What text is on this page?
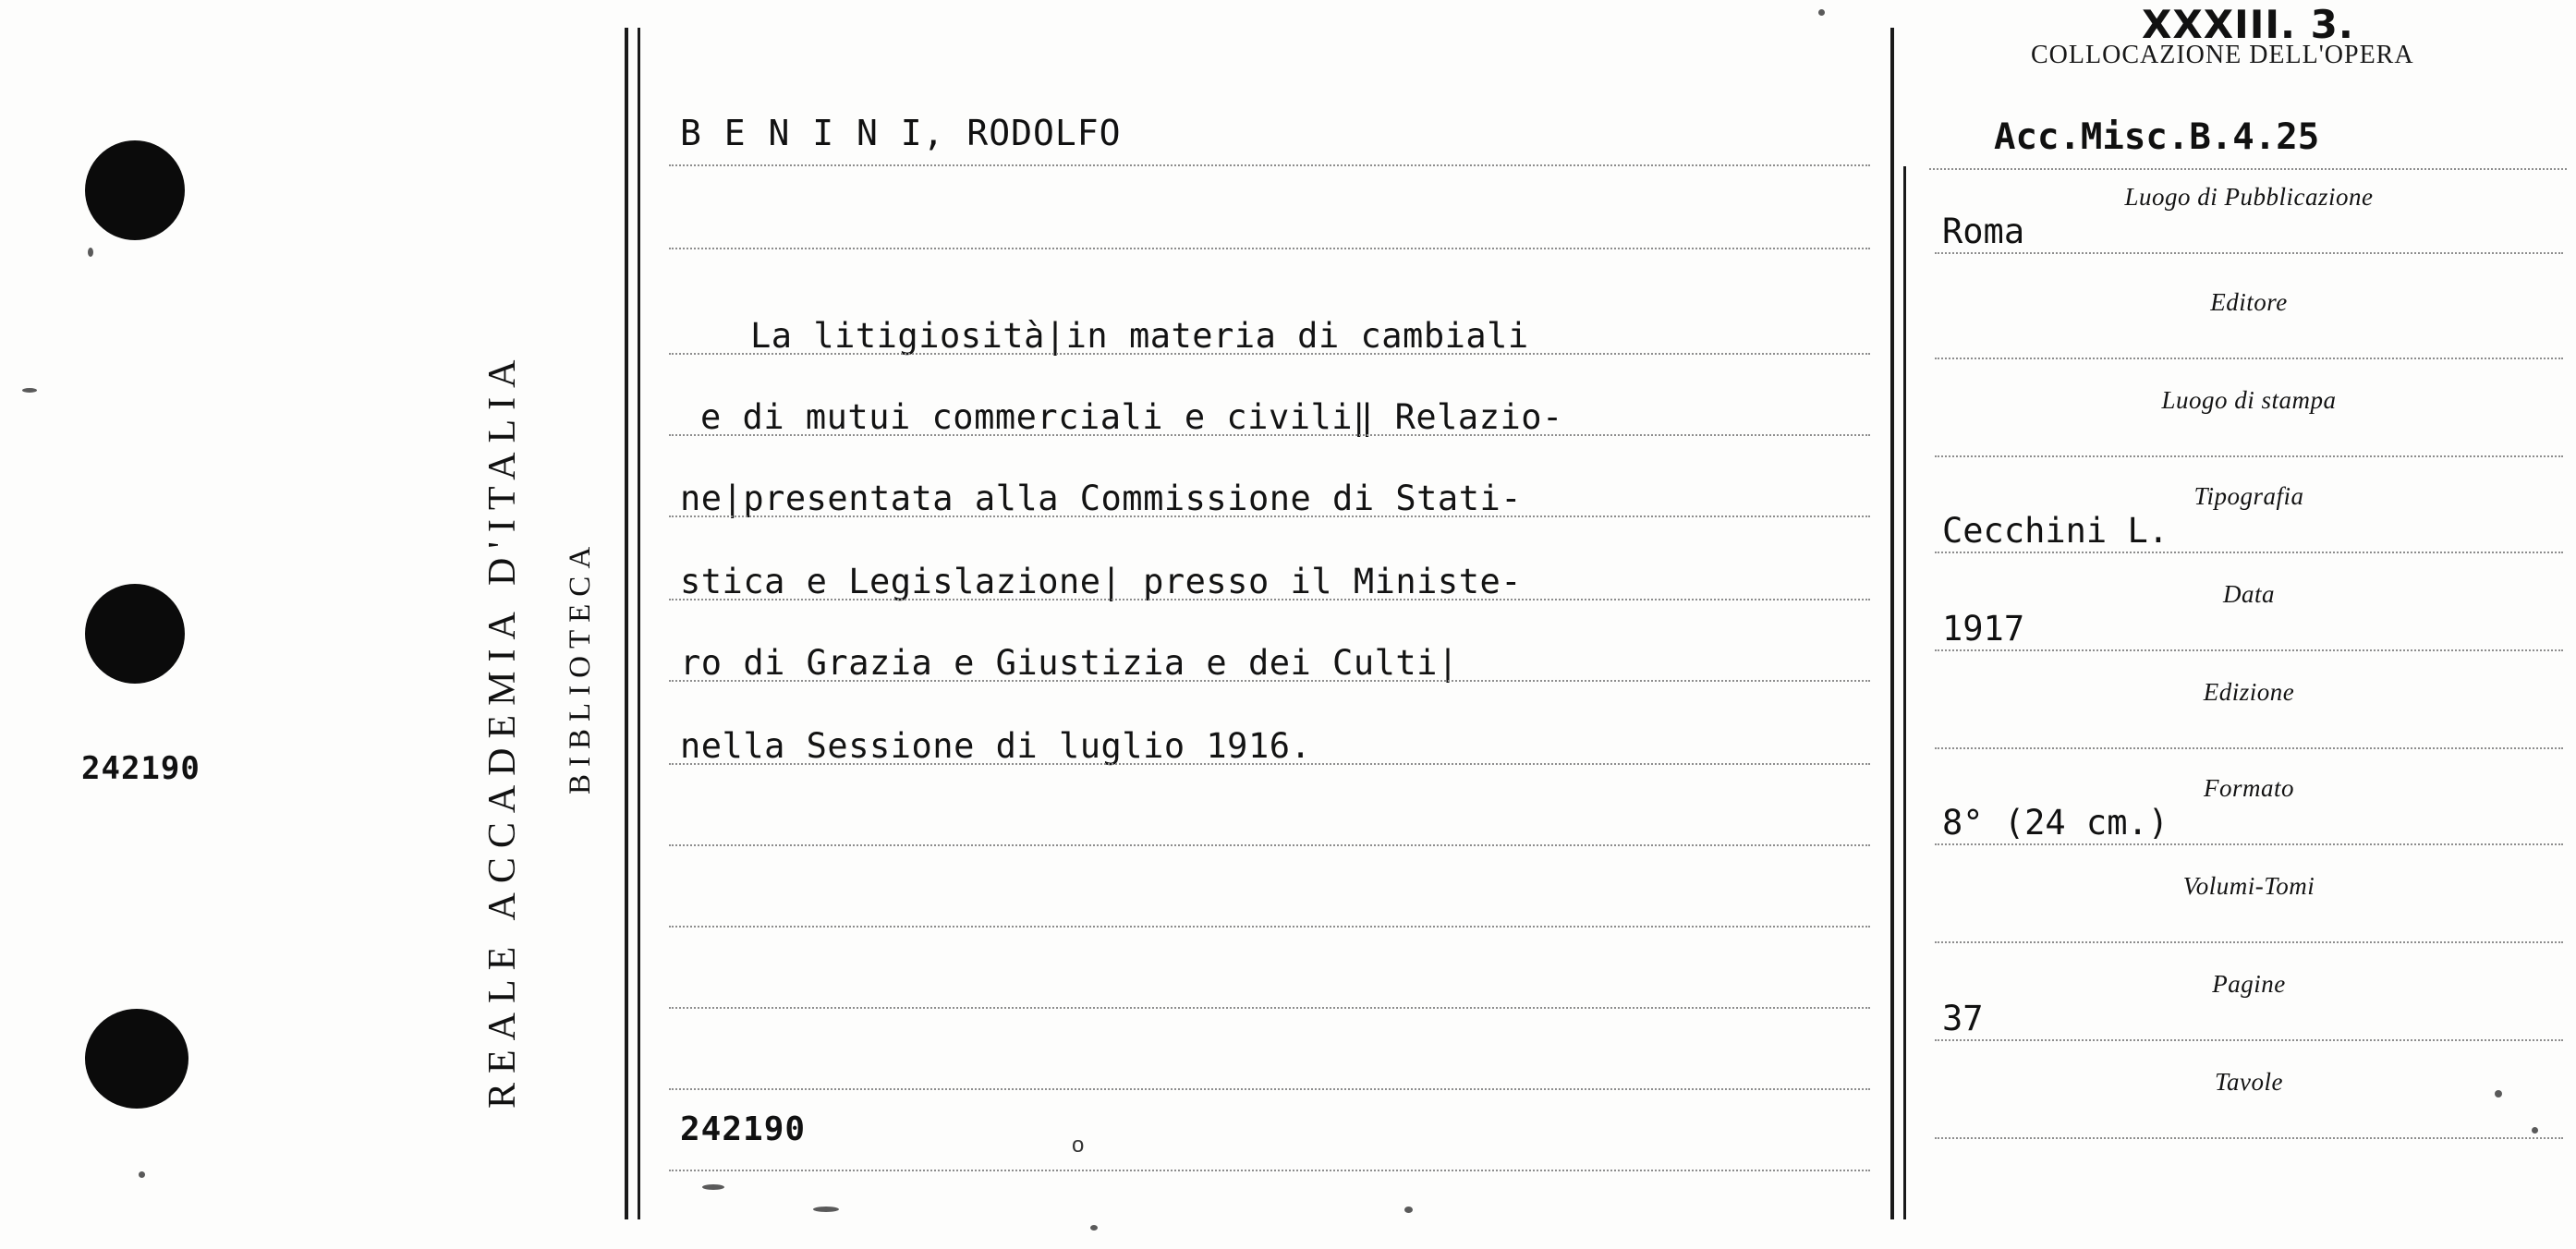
242190	REALE ACCADEMIA D'ITALIA BIBLIOTECA
B E N I N I, RODOLFO
La litigiosità|in materia di cambiali
e di mutui commerciali e civili‖ Relazio-
ne|presentata alla Commissione di Stati-
stica e Legislazione| presso il Ministe-
ro di Grazia e Giustizia e dei Culti|
nella Sessione di luglio 1916.
242190	o
XXXIII. 3.
COLLOCAZIONE DELL'OPERA
Acc.Misc.B.4.25
Luogo di Pubblicazione
Roma
Editore
Luogo di stampa
Tipografia
Cecchini L.
Data
1917
Edizione
Formato
8° (24 cm.)
Volumi-Tomi
Pagine
37
Tavole
